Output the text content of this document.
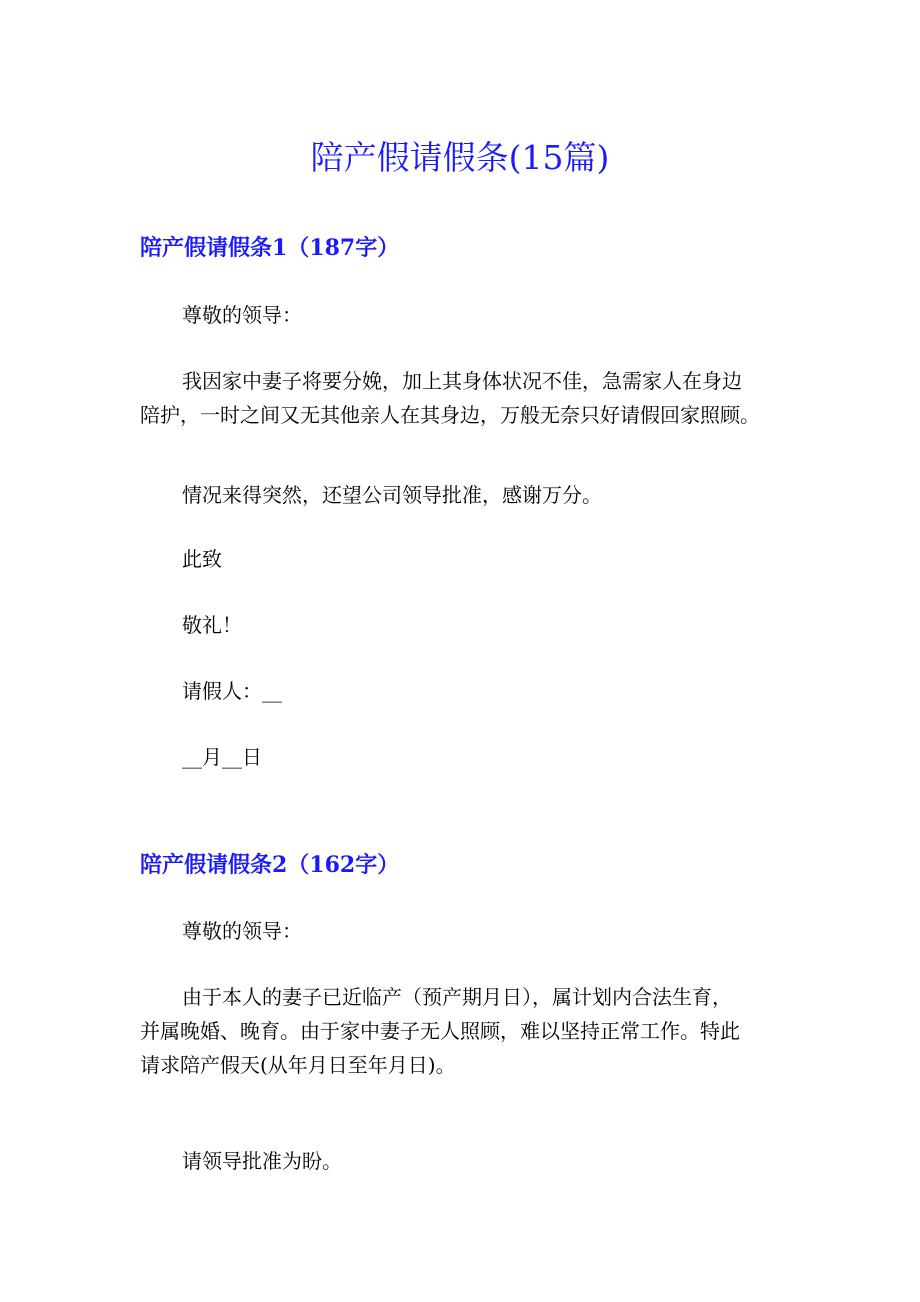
陪产假请假条(15篇)
陪产假请假条1（187字）

尊敬的领导：

我因家中妻子将要分娩，加上其身体状况不佳，急需家人在身边
陪护，一时之间又无其他亲人在其身边，万般无奈只好请假回家照顾。

情况来得突然，还望公司领导批准，感谢万分。

此致

敬礼！

请假人：__

__月__日

陪产假请假条2（162字）

尊敬的领导：

由于本人的妻子已近临产（预产期月日），属计划内合法生育，
并属晚婚、晚育。由于家中妻子无人照顾，难以坚持正常工作。特此
请求陪产假天(从年月日至年月日)。

请领导批准为盼。
